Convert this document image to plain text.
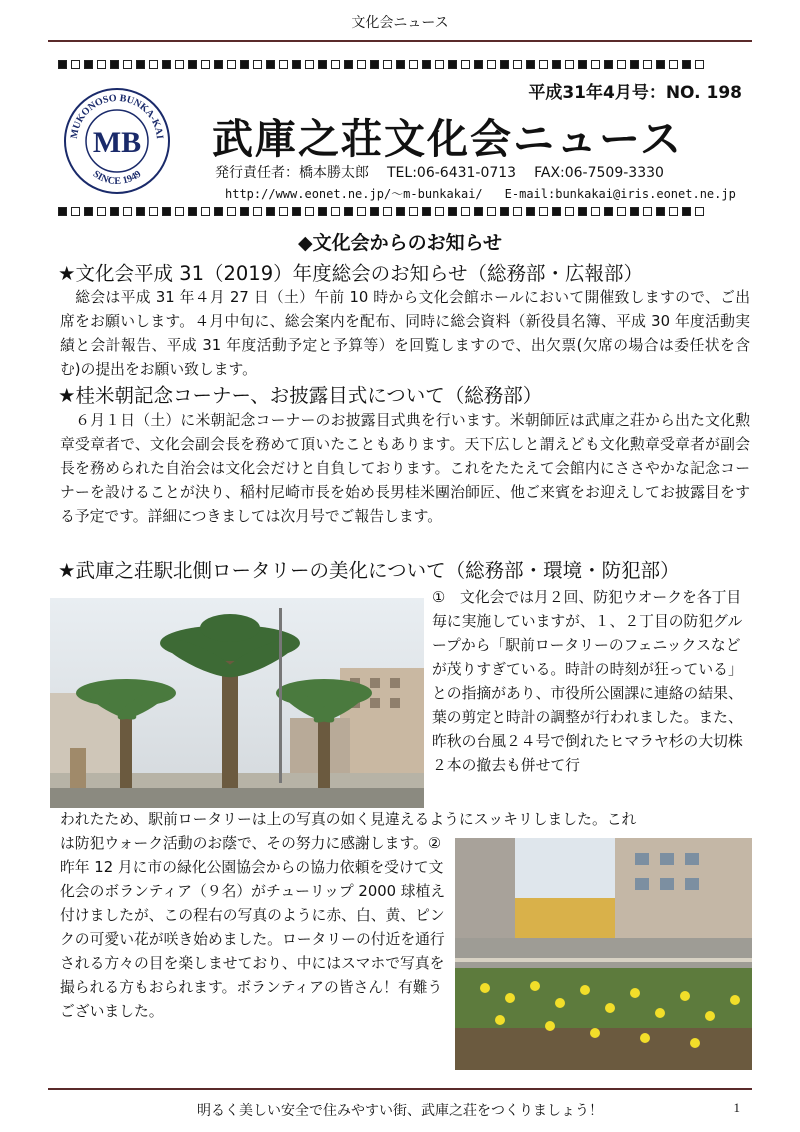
文化会ニュース
平成31年4月号：NO. 198
MUKONOSO BUNKA-KAI
SINCE 1949
MB 武庫之荘文化会ニュース
発行責任者：橋本勝太郎 TEL:06-6431-0713 FAX:06-7509-3330
http://www.eonet.ne.jp/～m-bunkakai/ E-mail:bunkakai@iris.eonet.ne.jp
◆文化会からのお知らせ
★文化会平成 31（2019）年度総会のお知らせ（総務部・広報部）
総会は平成 31 年４月 27 日（土）午前 10 時から文化会館ホールにおいて開催致しますので、ご出席をお願いします。４月中旬に、総会案内を配布、同時に総会資料（新役員名簿、平成 30 年度活動実績と会計報告、平成 31 年度活動予定と予算等）を回覧しますので、出欠票(欠席の場合は委任状を含む)の提出をお願い致します。
★桂米朝記念コーナー、お披露目式について（総務部）
６月１日（土）に米朝記念コーナーのお披露目式典を行います。米朝師匠は武庫之荘から出た文化勲章受章者で、文化会副会長を務めて頂いたこともあります。天下広しと謂えども文化勲章受章者が副会長を務められた自治会は文化会だけと自負しております。これをたたえて会館内にささやかな記念コーナーを設けることが決り、稲村尼崎市長を始め長男桂米團治師匠、他ご来賓をお迎えしてお披露目をする予定です。詳細につきましては次月号でご報告します。
★武庫之荘駅北側ロータリーの美化について（総務部・環境・防犯部）
①　文化会では月２回、防犯ウオークを各丁目毎に実施していますが、１、２丁目の防犯グループから「駅前ロータリーのフェニックスなどが茂りすぎている。時計の時刻が狂っている」との指摘があり、市役所公園課に連絡の結果、葉の剪定と時計の調整が行われました。また、昨秋の台風２４号で倒れたヒマラヤ杉の大切株２本の撤去も併せて行
われたため、駅前ロータリーは上の写真の如く見違えるようにスッキリしました。これ
は防犯ウォーク活動のお蔭で、その努力に感謝します。②昨年 12 月に市の緑化公園協会からの協力依頼を受けて文化会のボランティア（９名）がチューリップ 2000 球植え付けましたが、この程右の写真のように赤、白、黄、ピンクの可愛い花が咲き始めました。ロータリーの付近を通行される方々の目を楽しませており、中にはスマホで写真を撮られる方もおられます。ボランティアの皆さん！有難うございました。
明るく美しい安全で住みやすい街、武庫之荘をつくりましょう！	1
